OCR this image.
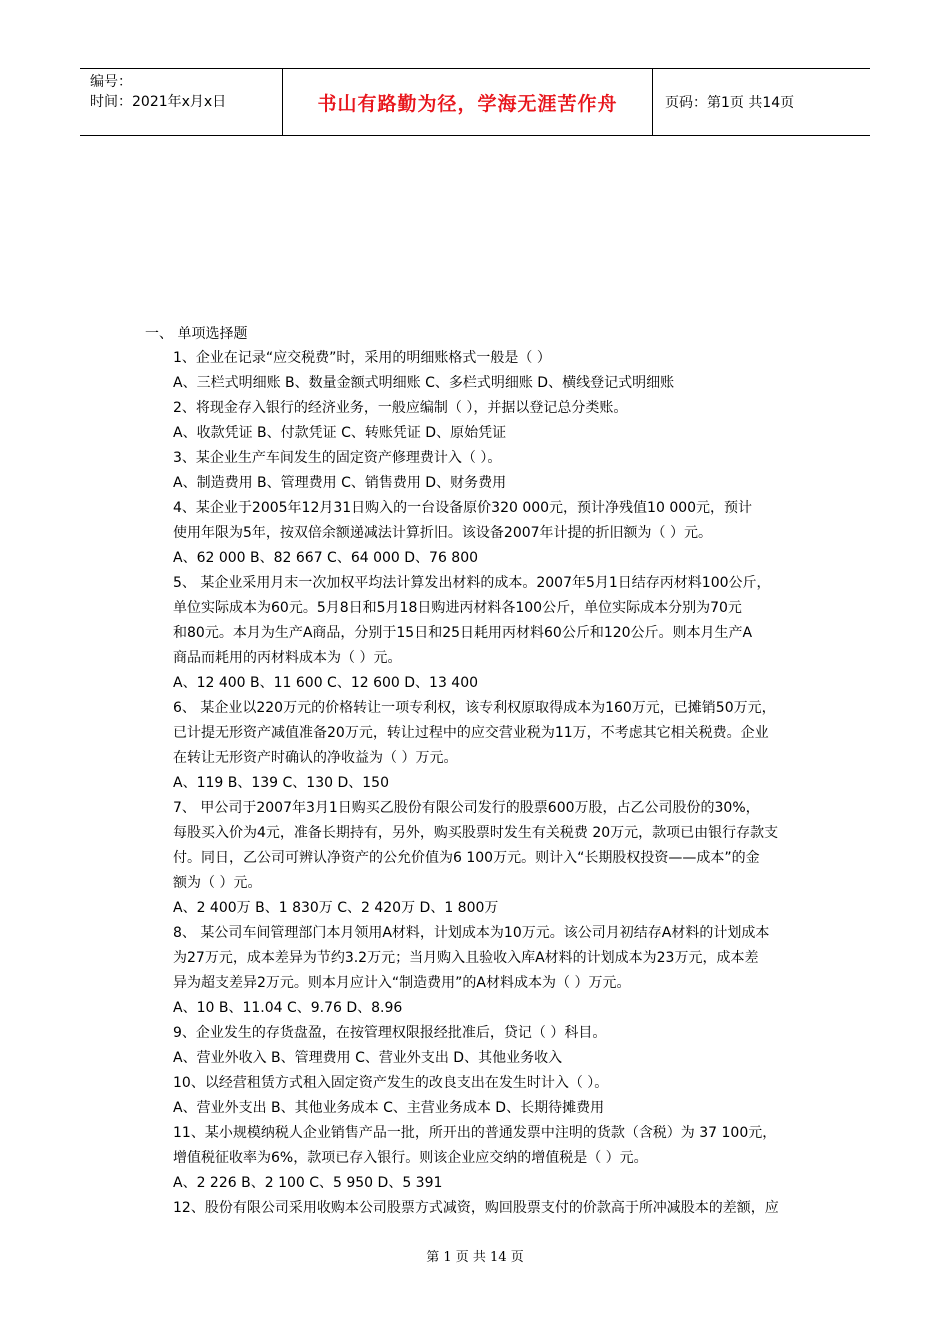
编号：
时间：2021年x月x日	书山有路勤为径，学海无涯苦作舟	页码：第1页 共14页
一、 单项选择题
1、企业在记录“应交税费”时，采用的明细账格式一般是（ ）
A、三栏式明细账 B、数量金额式明细账 C、多栏式明细账 D、横线登记式明细账
2、将现金存入银行的经济业务，一般应编制（ ），并据以登记总分类账。
A、收款凭证 B、付款凭证 C、转账凭证 D、原始凭证
3、某企业生产车间发生的固定资产修理费计入（ ）。
A、制造费用 B、管理费用 C、销售费用 D、财务费用
4、某企业于2005年12月31日购入的一台设备原价320 000元，预计净残值10 000元，预计
使用年限为5年，按双倍余额递减法计算折旧。该设备2007年计提的折旧额为（ ）元。
A、62 000 B、82 667 C、64 000 D、76 800
5、 某企业采用月末一次加权平均法计算发出材料的成本。2007年5月1日结存丙材料100公斤，
单位实际成本为60元。5月8日和5月18日购进丙材料各100公斤，单位实际成本分别为70元
和80元。本月为生产A商品，分别于15日和25日耗用丙材料60公斤和120公斤。则本月生产A
商品而耗用的丙材料成本为（ ）元。
A、12 400 B、11 600 C、12 600 D、13 400
6、 某企业以220万元的价格转让一项专利权，该专利权原取得成本为160万元，已摊销50万元，
已计提无形资产减值准备20万元，转让过程中的应交营业税为11万，不考虑其它相关税费。企业
在转让无形资产时确认的净收益为（ ）万元。
A、119 B、139 C、130 D、150
7、 甲公司于2007年3月1日购买乙股份有限公司发行的股票600万股，占乙公司股份的30%，
每股买入价为4元，准备长期持有，另外，购买股票时发生有关税费 20万元，款项已由银行存款支
付。同日，乙公司可辨认净资产的公允价值为6 100万元。则计入“长期股权投资——成本”的金
额为（ ）元。
A、2 400万 B、1 830万 C、2 420万 D、1 800万
8、 某公司车间管理部门本月领用A材料，计划成本为10万元。该公司月初结存A材料的计划成本
为27万元，成本差异为节约3.2万元；当月购入且验收入库A材料的计划成本为23万元，成本差
异为超支差异2万元。则本月应计入“制造费用”的A材料成本为（ ）万元。
A、10 B、11.04 C、9.76 D、8.96
9、企业发生的存货盘盈，在按管理权限报经批准后，贷记（ ）科目。
A、营业外收入 B、管理费用 C、营业外支出 D、其他业务收入
10、以经营租赁方式租入固定资产发生的改良支出在发生时计入（ ）。
A、营业外支出 B、其他业务成本 C、主营业务成本 D、长期待摊费用
11、某小规模纳税人企业销售产品一批，所开出的普通发票中注明的货款（含税）为 37 100元，
增值税征收率为6%，款项已存入银行。则该企业应交纳的增值税是（ ）元。
A、2 226 B、2 100 C、5 950 D、5 391
12、股份有限公司采用收购本公司股票方式减资，购回股票支付的价款高于所冲减股本的差额，应
第 1 页 共 14 页
